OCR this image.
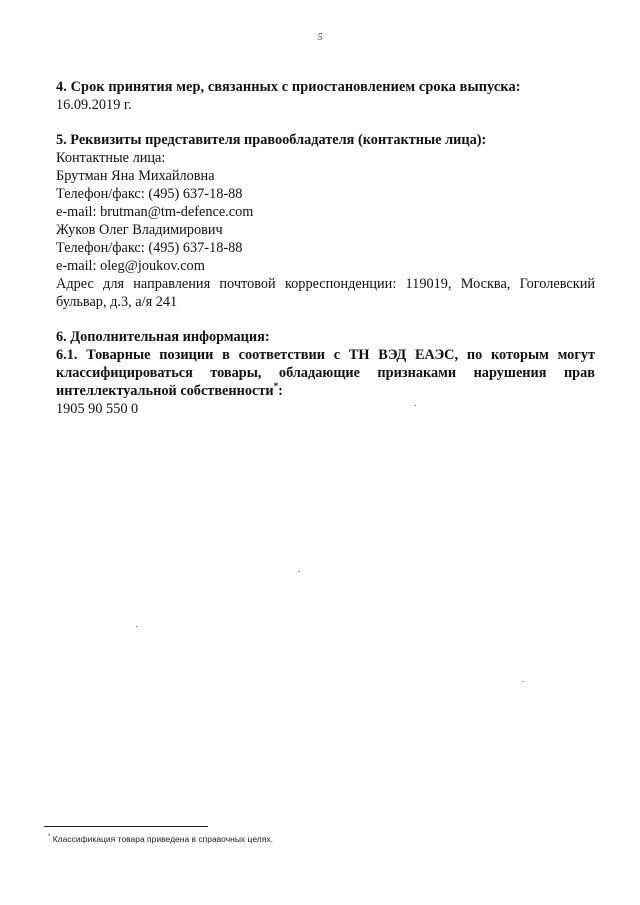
5
4. Срок принятия мер, связанных с приостановлением срока выпуска:
16.09.2019 г.
5. Реквизиты представителя правообладателя (контактные лица):
Контактные лица:
Брутман Яна Михайловна
Телефон/факс: (495) 637-18-88
e-mail: brutman@tm-defence.com
Жуков Олег Владимирович
Телефон/факс: (495) 637-18-88
e-mail: oleg@joukov.com
Адрес для направления почтовой корреспонденции: 119019, Москва, Гоголевский бульвар, д.3, а/я 241
6. Дополнительная информация:
6.1. Товарные позиции в соответствии с ТН ВЭД ЕАЭС, по которым могут классифицироваться товары, обладающие признаками нарушения прав интеллектуальной собственности*:
1905 90 550 0
* Классификация товара приведена в справочных целях.
